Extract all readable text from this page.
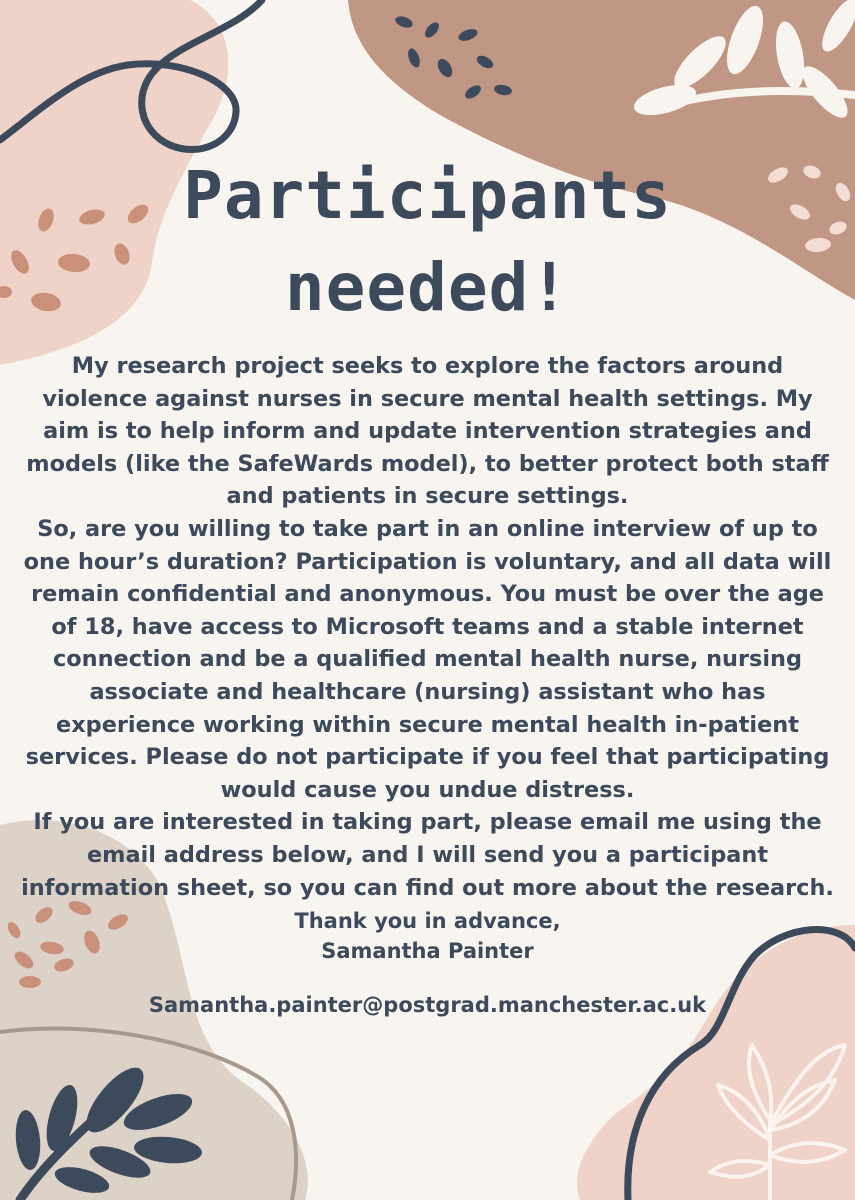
Participants
needed!

My research project seeks to explore the factors around violence against nurses in secure mental health settings. My aim is to help inform and update intervention strategies and models (like the SafeWards model), to better protect both staff and patients in secure settings.

So, are you willing to take part in an online interview of up to one hour’s duration? Participation is voluntary, and all data will remain confidential and anonymous. You must be over the age of 18, have access to Microsoft teams and a stable internet connection and be a qualified mental health nurse, nursing associate and healthcare (nursing) assistant who has experience working within secure mental health in-patient services. Please do not participate if you feel that participating would cause you undue distress.

If you are interested in taking part, please email me using the email address below, and I will send you a participant information sheet, so you can find out more about the research.

Thank you in advance,
Samantha Painter
Samantha.painter@postgrad.manchester.ac.uk
